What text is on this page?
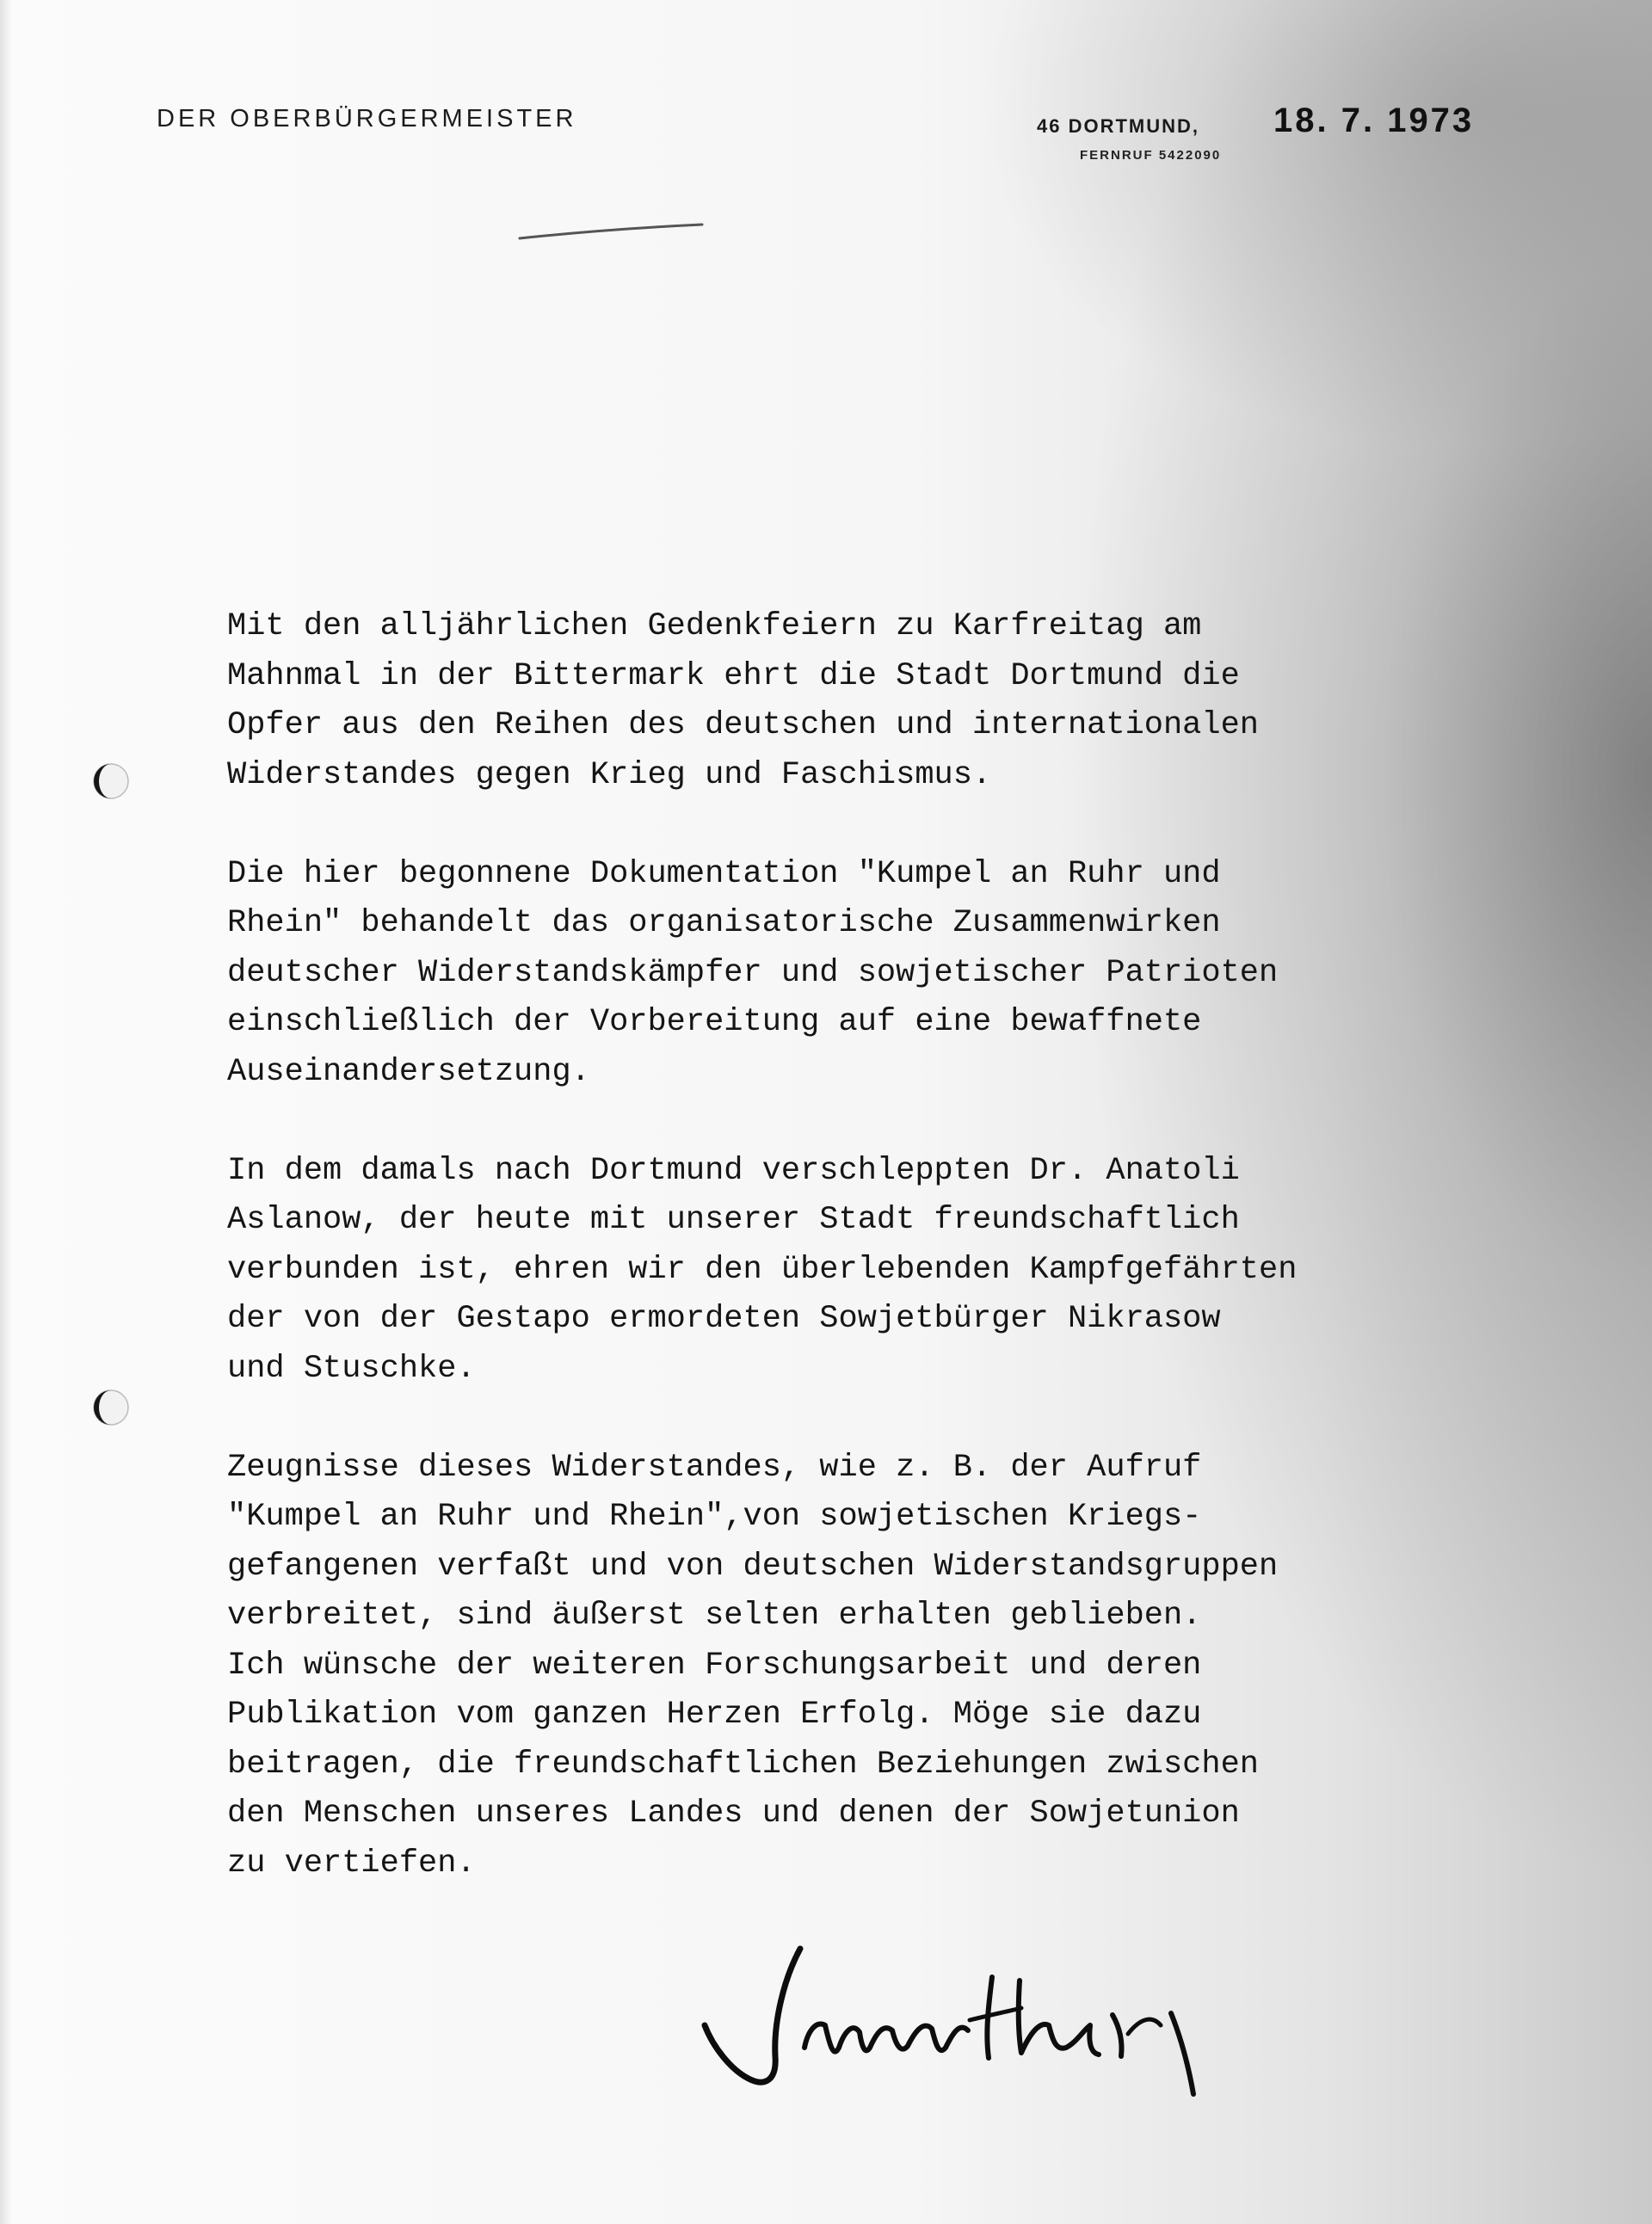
DER OBERBÜRGERMEISTER	46 DORTMUND, 18. 7. 1973
FERNRUF 5422090

Mit den alljährlichen Gedenkfeiern zu Karfreitag am
Mahnmal in der Bittermark ehrt die Stadt Dortmund die
Opfer aus den Reihen des deutschen und internationalen
Widerstandes gegen Krieg und Faschismus.

Die hier begonnene Dokumentation "Kumpel an Ruhr und
Rhein" behandelt das organisatorische Zusammenwirken
deutscher Widerstandskämpfer und sowjetischer Patrioten
einschließlich der Vorbereitung auf eine bewaffnete
Auseinandersetzung.

In dem damals nach Dortmund verschleppten Dr. Anatoli
Aslanow, der heute mit unserer Stadt freundschaftlich
verbunden ist, ehren wir den überlebenden Kampfgefährten
der von der Gestapo ermordeten Sowjetbürger Nikrasow
und Stuschke.

Zeugnisse dieses Widerstandes, wie z. B. der Aufruf
"Kumpel an Ruhr und Rhein",von sowjetischen Kriegs-
gefangenen verfaßt und von deutschen Widerstandsgruppen
verbreitet, sind äußerst selten erhalten geblieben.
Ich wünsche der weiteren Forschungsarbeit und deren
Publikation vom ganzen Herzen Erfolg. Möge sie dazu
beitragen, die freundschaftlichen Beziehungen zwischen
den Menschen unseres Landes und denen der Sowjetunion
zu vertiefen.
